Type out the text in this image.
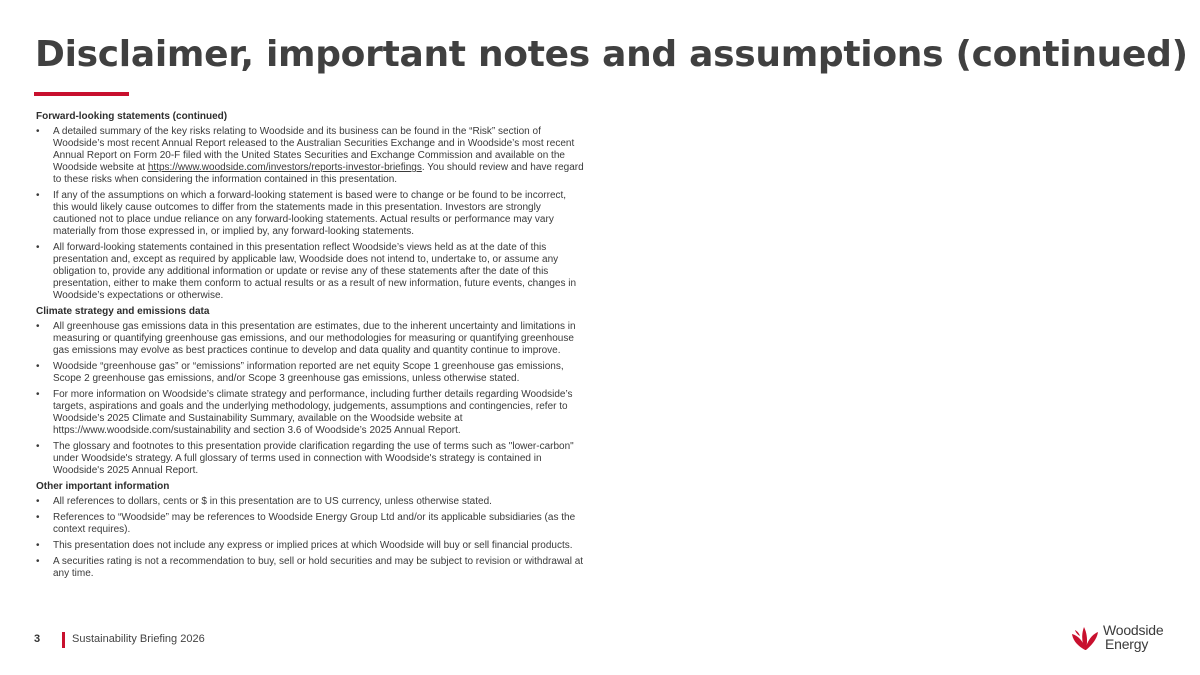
Disclaimer, important notes and assumptions (continued)
Forward-looking statements (continued)
• A detailed summary of the key risks relating to Woodside and its business can be found in the “Risk” section of Woodside’s most recent Annual Report released to the Australian Securities Exchange and in Woodside’s most recent Annual Report on Form 20-F filed with the United States Securities and Exchange Commission and available on the Woodside website at https://www.woodside.com/investors/reports-investor-briefings. You should review and have regard to these risks when considering the information contained in this presentation.
• If any of the assumptions on which a forward-looking statement is based were to change or be found to be incorrect, this would likely cause outcomes to differ from the statements made in this presentation. Investors are strongly cautioned not to place undue reliance on any forward-looking statements. Actual results or performance may vary materially from those expressed in, or implied by, any forward-looking statements.
• All forward-looking statements contained in this presentation reflect Woodside’s views held as at the date of this presentation and, except as required by applicable law, Woodside does not intend to, undertake to, or assume any obligation to, provide any additional information or update or revise any of these statements after the date of this presentation, either to make them conform to actual results or as a result of new information, future events, changes in Woodside’s expectations or otherwise.
Climate strategy and emissions data
• All greenhouse gas emissions data in this presentation are estimates, due to the inherent uncertainty and limitations in measuring or quantifying greenhouse gas emissions, and our methodologies for measuring or quantifying greenhouse gas emissions may evolve as best practices continue to develop and data quality and quantity continue to improve.
• Woodside “greenhouse gas” or “emissions” information reported are net equity Scope 1 greenhouse gas emissions, Scope 2 greenhouse gas emissions, and/or Scope 3 greenhouse gas emissions, unless otherwise stated.
• For more information on Woodside’s climate strategy and performance, including further details regarding Woodside’s targets, aspirations and goals and the underlying methodology, judgements, assumptions and contingencies, refer to Woodside’s 2025 Climate and Sustainability Summary, available on the Woodside website at https://www.woodside.com/sustainability and section 3.6 of Woodside’s 2025 Annual Report.
• The glossary and footnotes to this presentation provide clarification regarding the use of terms such as "lower-carbon" under Woodside's strategy. A full glossary of terms used in connection with Woodside's strategy is contained in Woodside's 2025 Annual Report.
Other important information
• All references to dollars, cents or $ in this presentation are to US currency, unless otherwise stated.
• References to “Woodside” may be references to Woodside Energy Group Ltd and/or its applicable subsidiaries (as the context requires).
• This presentation does not include any express or implied prices at which Woodside will buy or sell financial products.
• A securities rating is not a recommendation to buy, sell or hold securities and may be subject to revision or withdrawal at any time.
3	Sustainability Briefing 2026
Woodside
Energy
